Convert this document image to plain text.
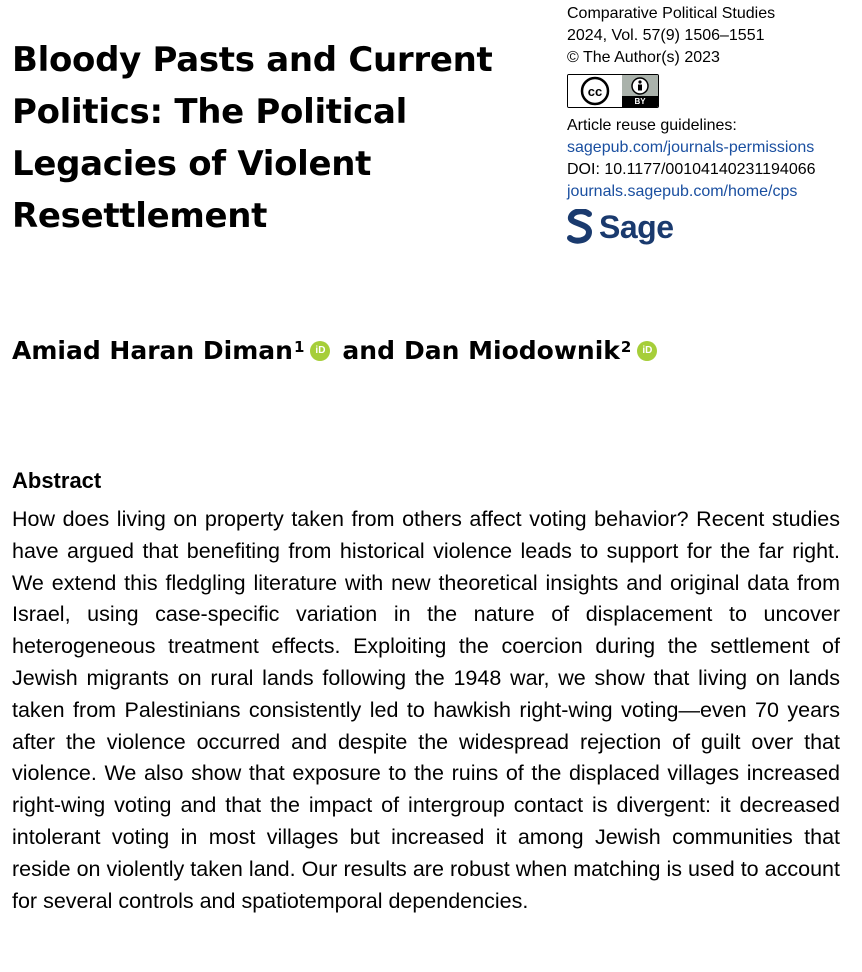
Bloody Pasts and Current
Politics: The Political
Legacies of Violent
Resettlement
Comparative Political Studies
2024, Vol. 57(9) 1506–1551
© The Author(s) 2023
cc
BY
Article reuse guidelines:
sagepub.com/journals-permissions
DOI: 10.1177/00104140231194066
journals.sagepub.com/home/cps
Sage
Amiad Haran Diman$^1$	iD and Dan Miodownik$^2$	iD
Abstract

How does living on property taken from others affect voting behavior? Recent studies have argued that benefiting from historical violence leads to support for the far right. We extend this fledgling literature with new theoretical insights and original data from Israel, using case-specific variation in the nature of displacement to uncover heterogeneous treatment effects. Exploiting the coercion during the settlement of Jewish migrants on rural lands following the 1948 war, we show that living on lands taken from Palestinians consistently led to hawkish right-wing voting—even 70 years after the violence occurred and despite the widespread rejection of guilt over that violence. We also show that exposure to the ruins of the displaced villages increased right-wing voting and that the impact of intergroup contact is divergent: it decreased intolerant voting in most villages but increased it among Jewish communities that reside on violently taken land. Our results are robust when matching is used to account for several controls and spatiotemporal dependencies.
